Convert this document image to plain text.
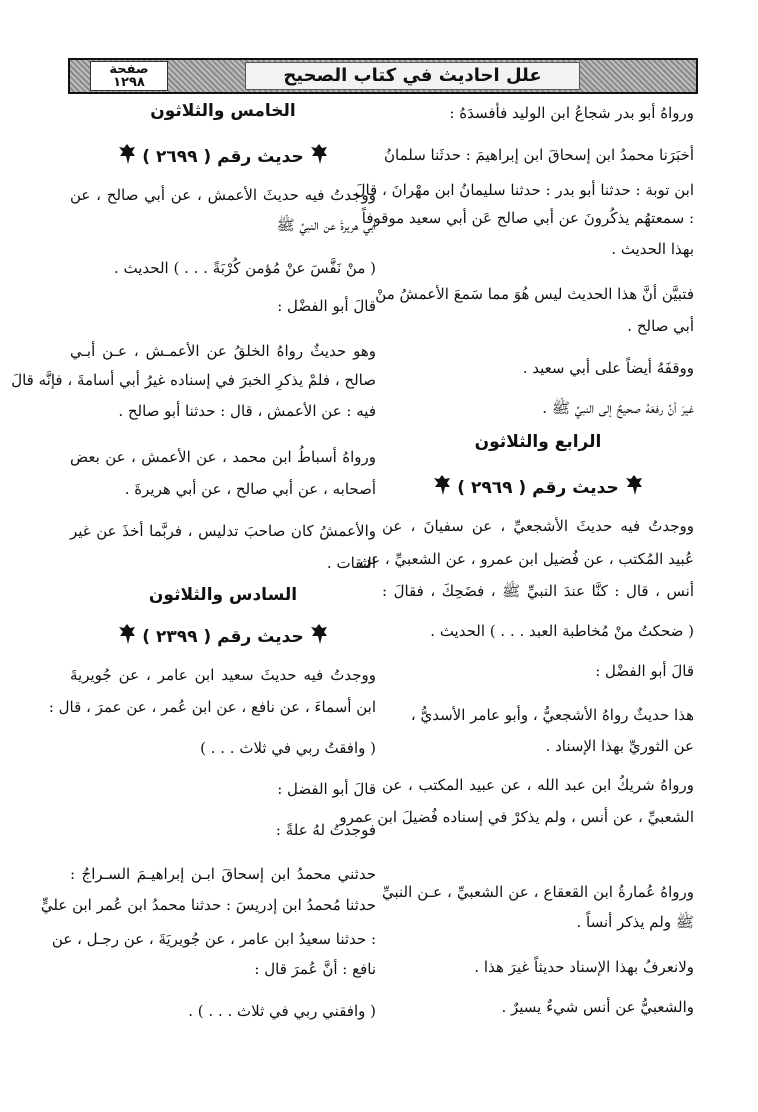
صفحة
١٢٩٨	علل احاديث في كتاب الصحيح
ورواهُ أبو بدر شجاعُ ابن الوليد فأفسدَهُ :
أخبَرَنا محمدُ ابن إسحاقَ ابن إبراهيمَ : حدثَنا سلمانُ
ابن توبة : حدثنا أبو بدر : حدثنا سليمانُ ابن مهْرانَ ، قالَ
: سمعتهُم يذكُرونَ عن أبي صالح عَن أبي سعيد موقوفاً
بهذا الحديث .
فتبيَّن أنَّ هذا الحديث ليس هُوَ مما سَمعَ الأعمشُ منْ
أبي صالح .
ووقفَهُ أيضاً على أبي سعيد .
غيرَ أنَّ رفعَهُ صحيحٌ إلى النبيِّ ﷺ .
الرابع والثلاثون
حديث رقم ( ٢٩٦٩ )
ووجدتُ فيه حديثَ الأشجعيِّ ، عن سفيانَ ، عن
عُبيد المُكتب ، عن فُضيل ابن عمرو ، عن الشعبيِّ ، عن
أنس ، قال : كنَّا عندَ النبيِّ ﷺ ، فضَحِكَ ، فقالَ :
( ضحكتُ منْ مُخاطبة العبد . . . ) الحديث .
قالَ أبو الفضْل :
هذا حديثٌ رواهُ الأشجعيُّ ، وأبو عامر الأسديُّ ،
عن الثوريِّ بهذا الإسناد .
ورواهُ شريكُ ابن عبد الله ، عن عبيد المكتب ، عن
الشعبيِّ ، عن أنس ، ولم يذكرْ في إسناده فُضيلَ ابن عمرو
ورواهُ عُمارةُ ابن القعقاع ، عن الشعبيِّ ، عـن النبيِّ
ﷺ ولم يذكر أنساً .
ولانعرفُ بهذا الإسناد حديثاً غيرَ هذا .
والشعبيُّ عن أنس شيءٌ يسيرٌ .
الخامس والثلاثون
حديث رقم ( ٢٦٩٩ )
ووجدتُ فيه حديثَ الأعمش ، عن أبي صالح ، عن
أبي هريرةَ عن النبيِّ ﷺ
( منْ نَفَّسَ عنْ مُؤمن كُرْبَةً . . . ) الحديث .
قالَ أبو الفضْل :
وهو حديثٌ رواهُ الخلقُ عن الأعمـش ، عـن أبـي
صالح ، فلمْ يذكرِ الخبرَ في إسناده غيرُ أبي أسامةَ ، فإنَّه قالَ
فيه : عن الأعمش ، قال : حدثنا أبو صالح .
ورواهُ أسباطُ ابن محمد ، عن الأعمش ، عن بعض
أصحابه ، عن أبي صالح ، عن أبي هريرةَ .
والأعمشُ كان صاحبَ تدليس ، فربَّما أخذَ عن غير
الثقات .
السادس والثلاثون
حديث رقم ( ٢٣٩٩ )
ووجدتُ فيه حديثَ سعيد ابن عامر ، عن جُويريةَ
ابن أسماءَ ، عن نافع ، عن ابن عُمر ، عن عمرَ ، قال :
( وافقتُ ربي في ثلاث . . . )
قالَ أبو الفضل :
فوجدتُ لهُ علةً :
حدثني محمدُ ابن إسحاقَ ابـن إبراهيـمَ السـراجُ :
حدثنا مُحمدُ ابن إدريسَ : حدثنا محمدُ ابن عُمر ابن عليٍّ
: حدثنا سعيدُ ابن عامر ، عن جُويريَةَ ، عن رجـل ، عن
نافع : أنَّ عُمرَ قال :
( وافقني ربي في ثلاث . . . ) .
